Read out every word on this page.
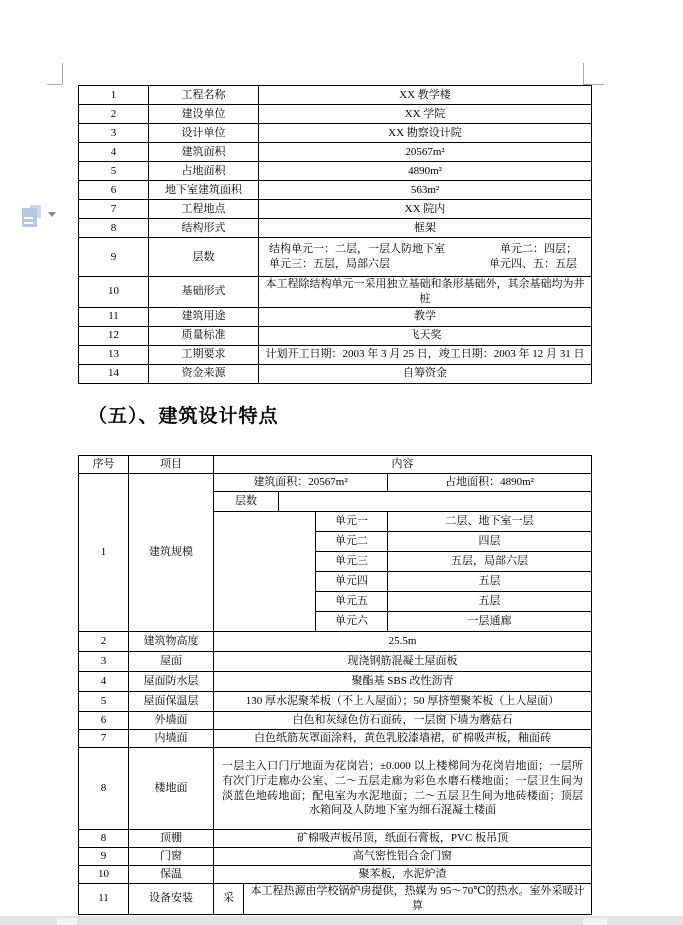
1	工程名称	XX 教学楼
2	建设单位	XX 学院
3	设计单位	XX 勘察设计院
4	建筑面积	20567m²
5	占地面积	4890m²
6	地下室建筑面积	563m²
7	工程地点	XX 院内
8	结构形式	框架
9	层数	结构单元一：二层，一层人防地下室 单元二：四层；
单元三：五层，局部六层 单元四、五：五层

10	基础形式	本工程除结构单元一采用独立基础和条形基础外，其余基础均为井桩
11	建筑用途	教学
12	质量标准	飞天奖
13	工期要求	计划开工日期：2003 年 3 月 25 日，竣工日期：2003 年 12 月 31 日
14	资金来源	自筹资金
（五）、建筑设计特点
序号	项目	内容				
1	建筑规模	建筑面积：20567m²				占地面积：4890m²
		层数				
					单元一	二层、地下室一层
					单元二	四层
					单元三	五层，局部六层
					单元四	五层
					单元五	五层
					单元六	一层通廊
2	建筑物高度	25.5m				
3	屋面	现浇钢筋混凝土屋面板				
4	屋面防水层	聚酯基 SBS 改性沥青				
5	屋面保温层	130 厚水泥聚苯板（不上人屋面）；50 厚挤塑聚苯板（上人屋面）				
6	外墙面	白色和灰绿色仿石面砖，一层窗下墙为蘑菇石				
7	内墙面	白色纸筋灰罩面涂料，黄色乳胶漆墙裙，矿棉吸声板，釉面砖				
8	楼地面	一层主入口门厅地面为花岗岩；±0.000 以上楼梯间为花岗岩地面；一层所有次门厅走廊办公室、二～五层走廊为彩色水磨石楼地面；一层卫生间为淡蓝色地砖地面；配电室为水泥地面；二～五层卫生间为地砖楼面；顶层水箱间及人防地下室为细石混凝土楼面				
8	顶棚	矿棉吸声板吊顶，纸面石膏板，PVC 板吊顶				
9	门窗	高气密性铝合金门窗				
10	保温	聚苯板，水泥炉渣				
11	设备安装	采	本工程热源由学校锅炉房提供，热媒为 95～70℃的热水。室外采暖计算			
